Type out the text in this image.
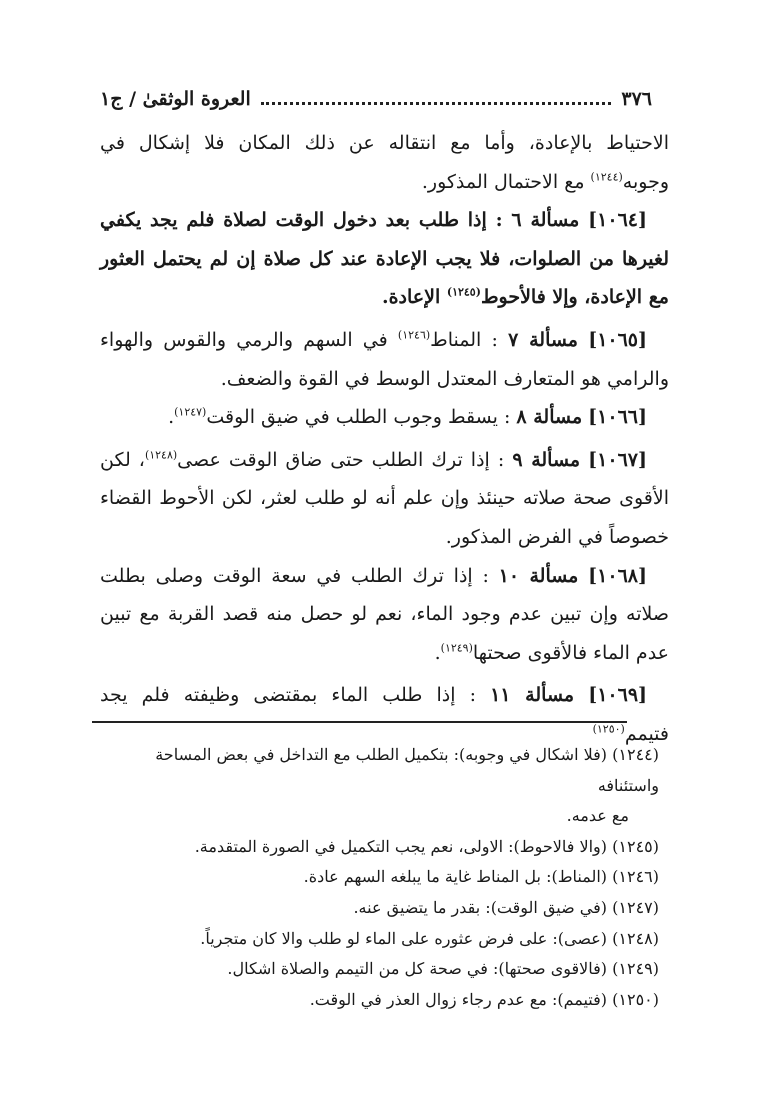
٣٧٦
العروة الوثقىٰ / ج١

الاحتياط بالإعادة، وأما مع انتقاله عن ذلك المكان فلا إشكال في وجوبه$^{(١٢٤٤)}$ مع الاحتمال المذكور.

[١٠٦٤] مسألة ٦ : إذا طلب بعد دخول الوقت لصلاة فلم يجد يكفي لغيرها من الصلوات، فلا يجب الإعادة عند كل صلاة إن لم يحتمل العثور مع الإعادة، وإلا فالأحوط$^{(١٢٤٥)}$ الإعادة.

[١٠٦٥] مسألة ٧ : المناط$^{(١٢٤٦)}$ في السهم والرمي والقوس والهواء والرامي هو المتعارف المعتدل الوسط في القوة والضعف.

[١٠٦٦] مسألة ٨ : يسقط وجوب الطلب في ضيق الوقت$^{(١٢٤٧)}$.

[١٠٦٧] مسألة ٩ : إذا ترك الطلب حتى ضاق الوقت عصى$^{(١٢٤٨)}$، لكن الأقوى صحة صلاته حينئذ وإن علم أنه لو طلب لعثر، لكن الأحوط القضاء خصوصاً في الفرض المذكور.

[١٠٦٨] مسألة ١٠ : إذا ترك الطلب في سعة الوقت وصلى بطلت صلاته وإن تبين عدم وجود الماء، نعم لو حصل منه قصد القربة مع تبين عدم الماء فالأقوى صحتها$^{(١٢٤٩)}$.

[١٠٦٩] مسألة ١١ : إذا طلب الماء بمقتضى وظيفته فلم يجد فتيمم$^{(١٢٥٠)}$

(١٢٤٤) (فلا اشكال في وجوبه): بتكميل الطلب مع التداخل في بعض المساحة واستئنافه

مع عدمه.

(١٢٤٥) (والا فالاحوط): الاولى، نعم يجب التكميل في الصورة المتقدمة.

(١٢٤٦) (المناط): بل المناط غاية ما يبلغه السهم عادة.

(١٢٤٧) (في ضيق الوقت): بقدر ما يتضيق عنه.

(١٢٤٨) (عصى): على فرض عثوره على الماء لو طلب والا كان متجرياً.

(١٢٤٩) (فالاقوى صحتها): في صحة كل من التيمم والصلاة اشكال.

(١٢٥٠) (فتيمم): مع عدم رجاء زوال العذر في الوقت.
